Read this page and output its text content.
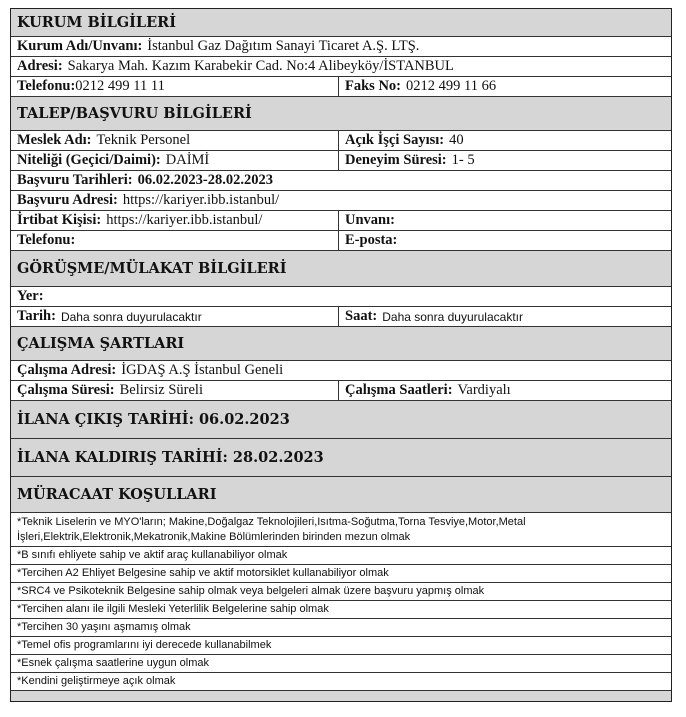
KURUM BİLGİLERİ
Kurum Adı/Unvanı: İstanbul Gaz Dağıtım Sanayi Ticaret A.Ş. LTŞ.
Adresi: Sakarya Mah. Kazım Karabekir Cad. No:4 Alibeyköy/İSTANBUL
Telefonu: 0212 499 11 11	Faks No: 0212 499 11 66
TALEP/BAŞVURU BİLGİLERİ
Meslek Adı: Teknik Personel	Açık İşçi Sayısı: 40
Niteliği (Geçici/Daimi): DAİMİ	Deneyim Süresi: 1- 5
Başvuru Tarihleri: 06.02.2023-28.02.2023
Başvuru Adresi: https://kariyer.ibb.istanbul/
İrtibat Kişisi: https://kariyer.ibb.istanbul/	Unvanı:
Telefonu:	E-posta:
GÖRÜŞME/MÜLAKAT BİLGİLERİ
Yer:
Tarih: Daha sonra duyurulacaktır	Saat: Daha sonra duyurulacaktır
ÇALIŞMA ŞARTLARI
Çalışma Adresi: İGDAŞ A.Ş İstanbul Geneli
Çalışma Süresi: Belirsiz Süreli	Çalışma Saatleri: Vardiyalı
İLANA ÇIKIŞ TARİHİ: 06.02.2023
İLANA KALDIRIŞ TARİHİ: 28.02.2023
MÜRACAAT KOŞULLARI
*Teknik Liselerin ve MYO'ların; Makine,Doğalgaz Teknolojileri,Isıtma-Soğutma,Torna Tesviye,Motor,Metal İşleri,Elektrik,Elektronik,Mekatronik,Makine Bölümlerinden birinden mezun olmak
*B sınıfı ehliyete sahip ve aktif araç kullanabiliyor olmak
*Tercihen A2 Ehliyet Belgesine sahip ve aktif motorsiklet kullanabiliyor olmak
*SRC4 ve Psikoteknik Belgesine sahip olmak veya belgeleri almak üzere başvuru yapmış olmak
*Tercihen alanı ile ilgili Mesleki Yeterlilik Belgelerine sahip olmak
*Tercihen 30 yaşını aşmamış olmak
*Temel ofis programlarını iyi derecede kullanabilmek
*Esnek çalışma saatlerine uygun olmak
*Kendini geliştirmeye açık olmak
